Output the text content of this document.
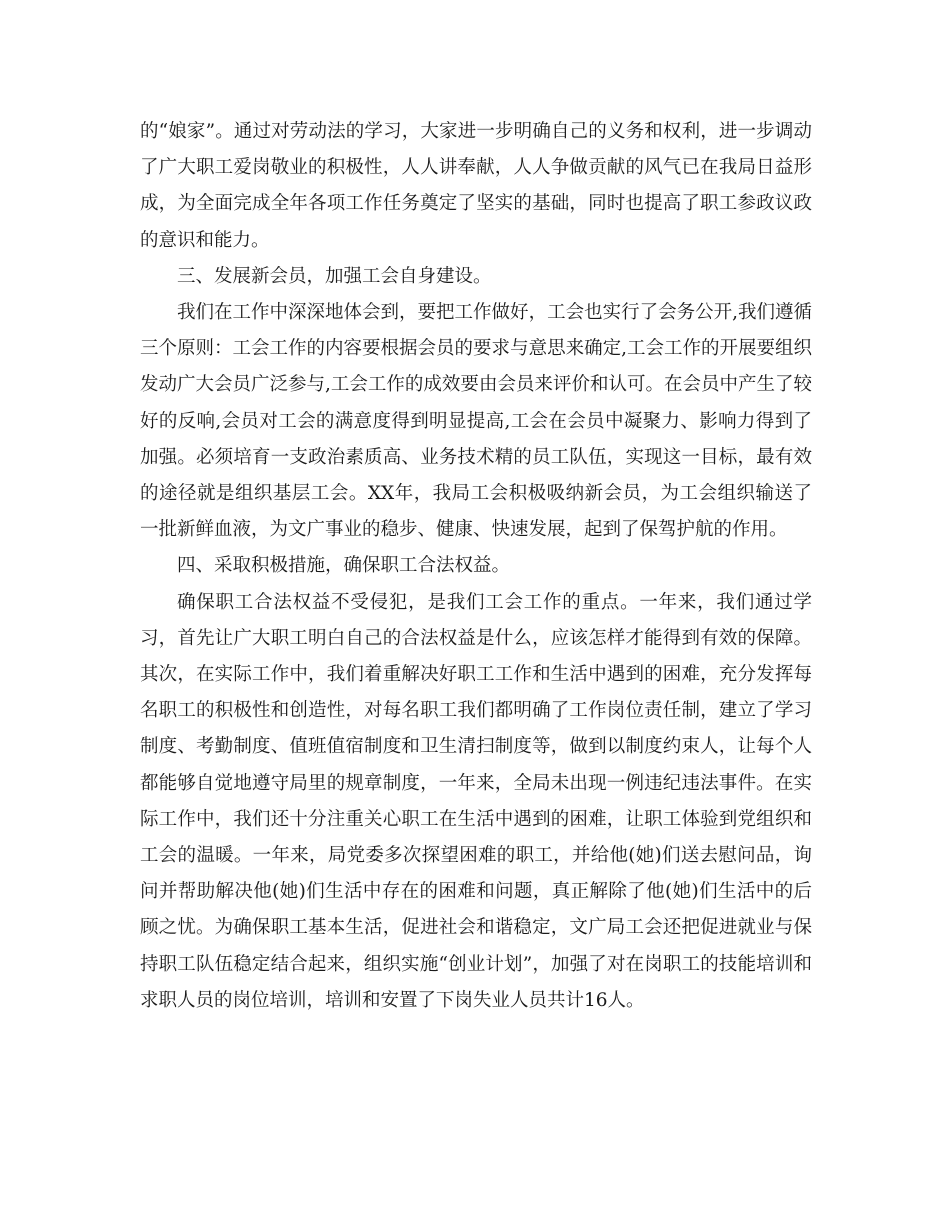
的“娘家”。通过对劳动法的学习，大家进一步明确自己的义务和权利，进一步调动了广大职工爱岗敬业的积极性，人人讲奉献，人人争做贡献的风气已在我局日益形成，为全面完成全年各项工作任务奠定了坚实的基础，同时也提高了职工参政议政的意识和能力。

三、发展新会员，加强工会自身建设。

我们在工作中深深地体会到，要把工作做好，工会也实行了会务公开,我们遵循三个原则：工会工作的内容要根据会员的要求与意思来确定,工会工作的开展要组织发动广大会员广泛参与,工会工作的成效要由会员来评价和认可。在会员中产生了较好的反响,会员对工会的满意度得到明显提高,工会在会员中凝聚力、影响力得到了加强。必须培育一支政治素质高、业务技术精的员工队伍，实现这一目标，最有效的途径就是组织基层工会。XX年，我局工会积极吸纳新会员，为工会组织输送了一批新鲜血液，为文广事业的稳步、健康、快速发展，起到了保驾护航的作用。

四、采取积极措施，确保职工合法权益。

确保职工合法权益不受侵犯，是我们工会工作的重点。一年来，我们通过学习，首先让广大职工明白自己的合法权益是什么，应该怎样才能得到有效的保障。其次，在实际工作中，我们着重解决好职工工作和生活中遇到的困难，充分发挥每名职工的积极性和创造性，对每名职工我们都明确了工作岗位责任制，建立了学习制度、考勤制度、值班值宿制度和卫生清扫制度等，做到以制度约束人，让每个人都能够自觉地遵守局里的规章制度，一年来，全局未出现一例违纪违法事件。在实际工作中，我们还十分注重关心职工在生活中遇到的困难，让职工体验到党组织和工会的温暖。一年来，局党委多次探望困难的职工，并给他(她)们送去慰问品，询问并帮助解决他(她)们生活中存在的困难和问题，真正解除了他(她)们生活中的后顾之忧。为确保职工基本生活，促进社会和谐稳定，文广局工会还把促进就业与保持职工队伍稳定结合起来，组织实施“创业计划”，加强了对在岗职工的技能培训和求职人员的岗位培训，培训和安置了下岗失业人员共计16人。
